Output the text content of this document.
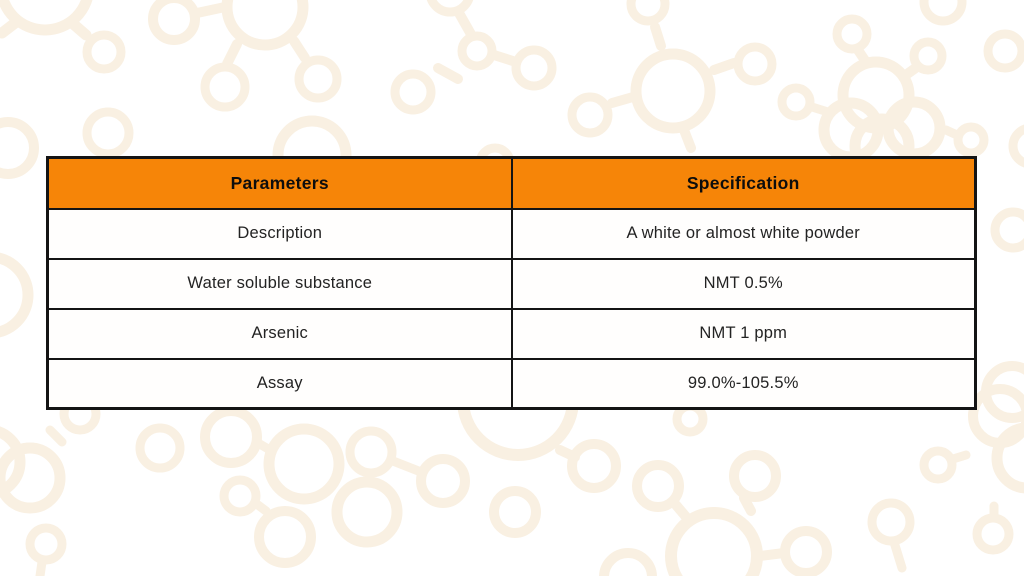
Parameters	Specification
Description	A white or almost white powder
Water soluble substance	NMT 0.5%
Arsenic	NMT 1 ppm
Assay	99.0%-105.5%
